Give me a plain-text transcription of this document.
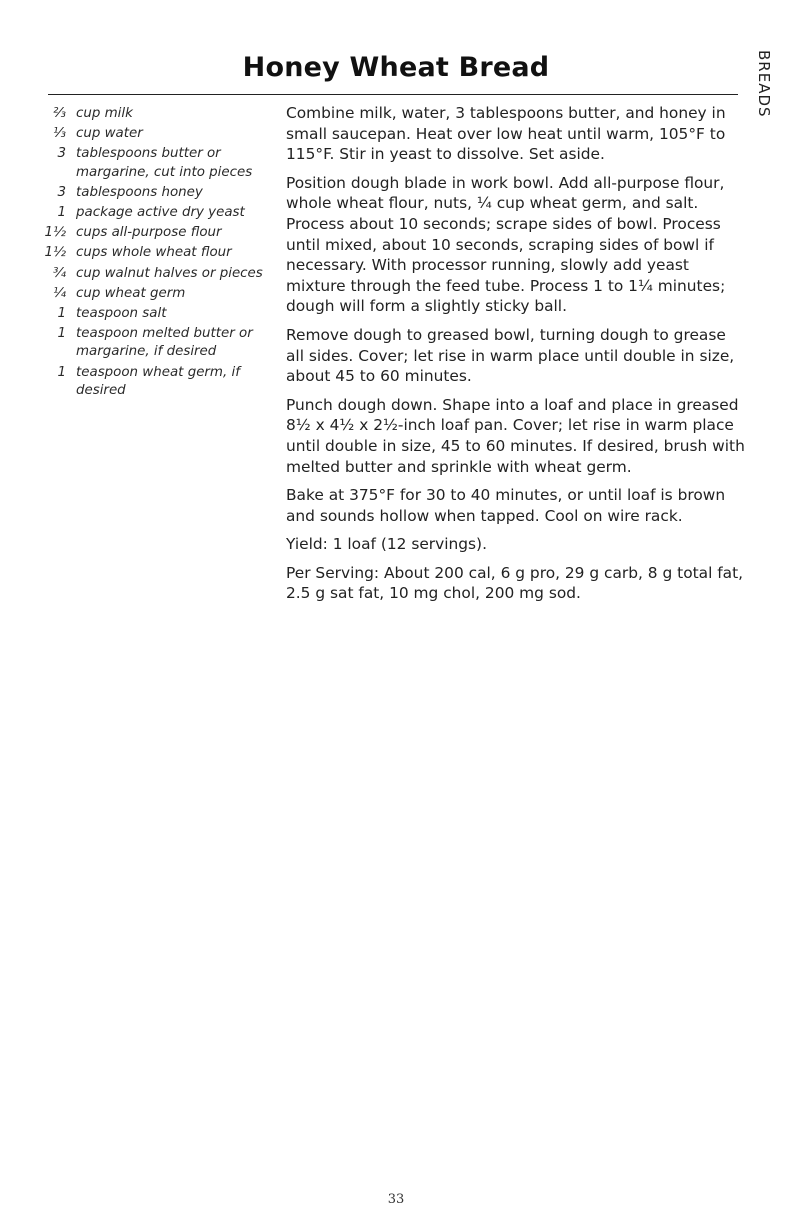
Honey Wheat Bread	BREADS
⅔ cup milk
⅓ cup water
3 tablespoons butter or margarine, cut into pieces
3 tablespoons honey
1 package active dry yeast
1½ cups all-purpose flour
1½ cups whole wheat flour
¾ cup walnut halves or pieces
¼ cup wheat germ
1 teaspoon salt
1 teaspoon melted butter or margarine, if desired
1 teaspoon wheat germ, if desired

Combine milk, water, 3 tablespoons butter, and honey in small saucepan. Heat over low heat until warm, 105°F to 115°F. Stir in yeast to dissolve. Set aside.

Position dough blade in work bowl. Add all-purpose flour, whole wheat flour, nuts, ¼ cup wheat germ, and salt. Process about 10 seconds; scrape sides of bowl. Process until mixed, about 10 seconds, scraping sides of bowl if necessary. With processor running, slowly add yeast mixture through the feed tube. Process 1 to 1¼ minutes; dough will form a slightly sticky ball.

Remove dough to greased bowl, turning dough to grease all sides. Cover; let rise in warm place until double in size, about 45 to 60 minutes.

Punch dough down. Shape into a loaf and place in greased 8½ x 4½ x 2½-inch loaf pan. Cover; let rise in warm place until double in size, 45 to 60 minutes. If desired, brush with melted butter and sprinkle with wheat germ.

Bake at 375°F for 30 to 40 minutes, or until loaf is brown and sounds hollow when tapped. Cool on wire rack.

Yield: 1 loaf (12 servings).

Per Serving: About 200 cal, 6 g pro, 29 g carb, 8 g total fat, 2.5 g sat fat, 10 mg chol, 200 mg sod.

33
